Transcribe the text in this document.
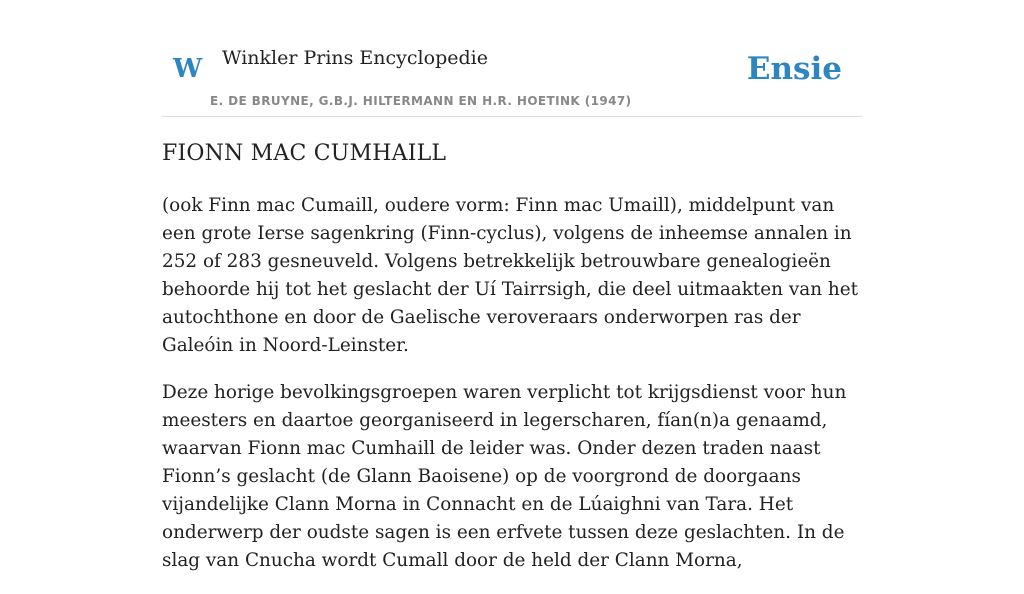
W Winkler Prins Encyclopedie
E. DE BRUYNE, G.B.J. HILTERMANN EN H.R. HOETINK (1947)
Ensie
FIONN MAC CUMHAILL

(ook Finn mac Cumaill, oudere vorm: Finn mac Umaill), middelpunt van een grote Ierse sagenkring (Finn-cyclus), volgens de inheemse annalen in 252 of 283 gesneuveld. Volgens betrekkelijk betrouwbare genealogieën behoorde hij tot het geslacht der Uí Tairrsigh, die deel uitmaakten van het autochthone en door de Gaelische veroveraars onderworpen ras der Galeóin in Noord-Leinster.

Deze horige bevolkingsgroepen waren verplicht tot krijgsdienst voor hun meesters en daartoe georganiseerd in legerscharen, fían(n)a genaamd, waarvan Fionn mac Cumhaill de leider was. Onder dezen traden naast Fionn’s geslacht (de Glann Baoisene) op de voorgrond de doorgaans vijandelijke Clann Morna in Connacht en de Lúaighni van Tara. Het onderwerp der oudste sagen is een erfvete tussen deze geslachten. In de slag van Cnucha wordt Cumall door de held der Clann Morna,
